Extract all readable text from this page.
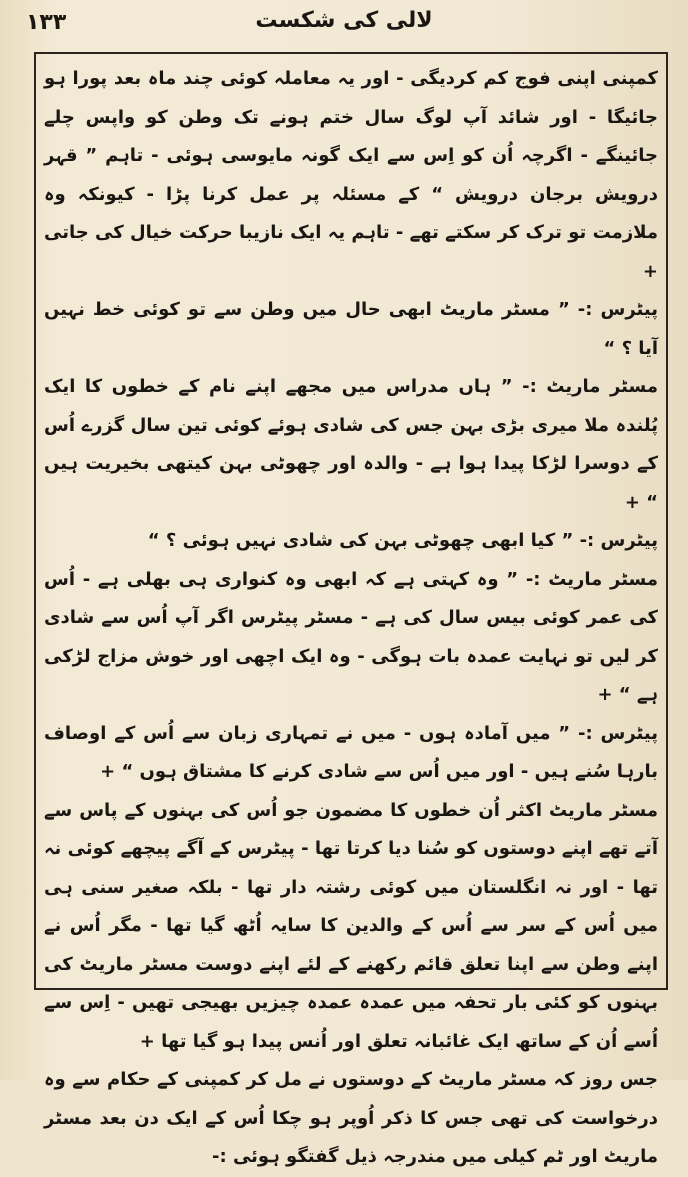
۱۳۳	لالی کی شکست

کمپنی اپنی فوج کم کردیگی - اور یہ معاملہ کوئی چند ماہ بعد پورا ہو جائیگا - اور شائد آپ لوگ سال ختم ہونے تک وطن کو واپس چلے جائینگے - اگرچہ اُن کو اِس سے ایک گونہ مایوسی ہوئی - تاہم ” قہر درویش برجان درویش “ کے مسئلہ پر عمل کرنا پڑا - کیونکہ وہ ملازمت تو ترک کر سکتے تھے - تاہم یہ ایک نازیبا حرکت خیال کی جاتی +

پیٹرس :- ” مسٹر ماریٹ ابھی حال میں وطن سے تو کوئی خط نہیں آیا ؟ “

مسٹر ماریٹ :- ” ہاں مدراس میں مجھے اپنے نام کے خطوں کا ایک پُلندہ ملا میری بڑی بہن جس کی شادی ہوئے کوئی تین سال گزرے اُس کے دوسرا لڑکا پیدا ہوا ہے - والدہ اور چھوٹی بہن کیتھی بخیریت ہیں “ +

پیٹرس :- ” کیا ابھی چھوٹی بہن کی شادی نہیں ہوئی ؟ “

مسٹر ماریٹ :- ” وہ کہتی ہے کہ ابھی وہ کنواری ہی بھلی ہے - اُس کی عمر کوئی بیس سال کی ہے - مسٹر پیٹرس اگر آپ اُس سے شادی کر لیں تو نہایت عمدہ بات ہوگی - وہ ایک اچھی اور خوش مزاج لڑکی ہے “ +

پیٹرس :- ” میں آمادہ ہوں - میں نے تمہاری زبان سے اُس کے اوصاف بارہا سُنے ہیں - اور میں اُس سے شادی کرنے کا مشتاق ہوں “ +

مسٹر ماریٹ اکثر اُن خطوں کا مضمون جو اُس کی بہنوں کے پاس سے آتے تھے اپنے دوستوں کو سُنا دیا کرتا تھا - پیٹرس کے آگے پیچھے کوئی نہ تھا - اور نہ انگلستان میں کوئی رشتہ دار تھا - بلکہ صغیر سنی ہی میں اُس کے سر سے اُس کے والدین کا سایہ اُٹھ گیا تھا - مگر اُس نے اپنے وطن سے اپنا تعلق قائم رکھنے کے لئے اپنے دوست مسٹر ماریٹ کی بہنوں کو کئی بار تحفہ میں عمدہ عمدہ چیزیں بھیجی تھیں - اِس سے اُسے اُن کے ساتھ ایک غائبانہ تعلق اور اُنس پیدا ہو گیا تھا +

جس روز کہ مسٹر ماریٹ کے دوستوں نے مل کر کمپنی کے حکام سے وہ درخواست کی تھی جس کا ذکر اُوپر ہو چکا اُس کے ایک دن بعد مسٹر ماریٹ اور ٹم کیلی میں مندرجہ ذیل گفتگو ہوئی :-
